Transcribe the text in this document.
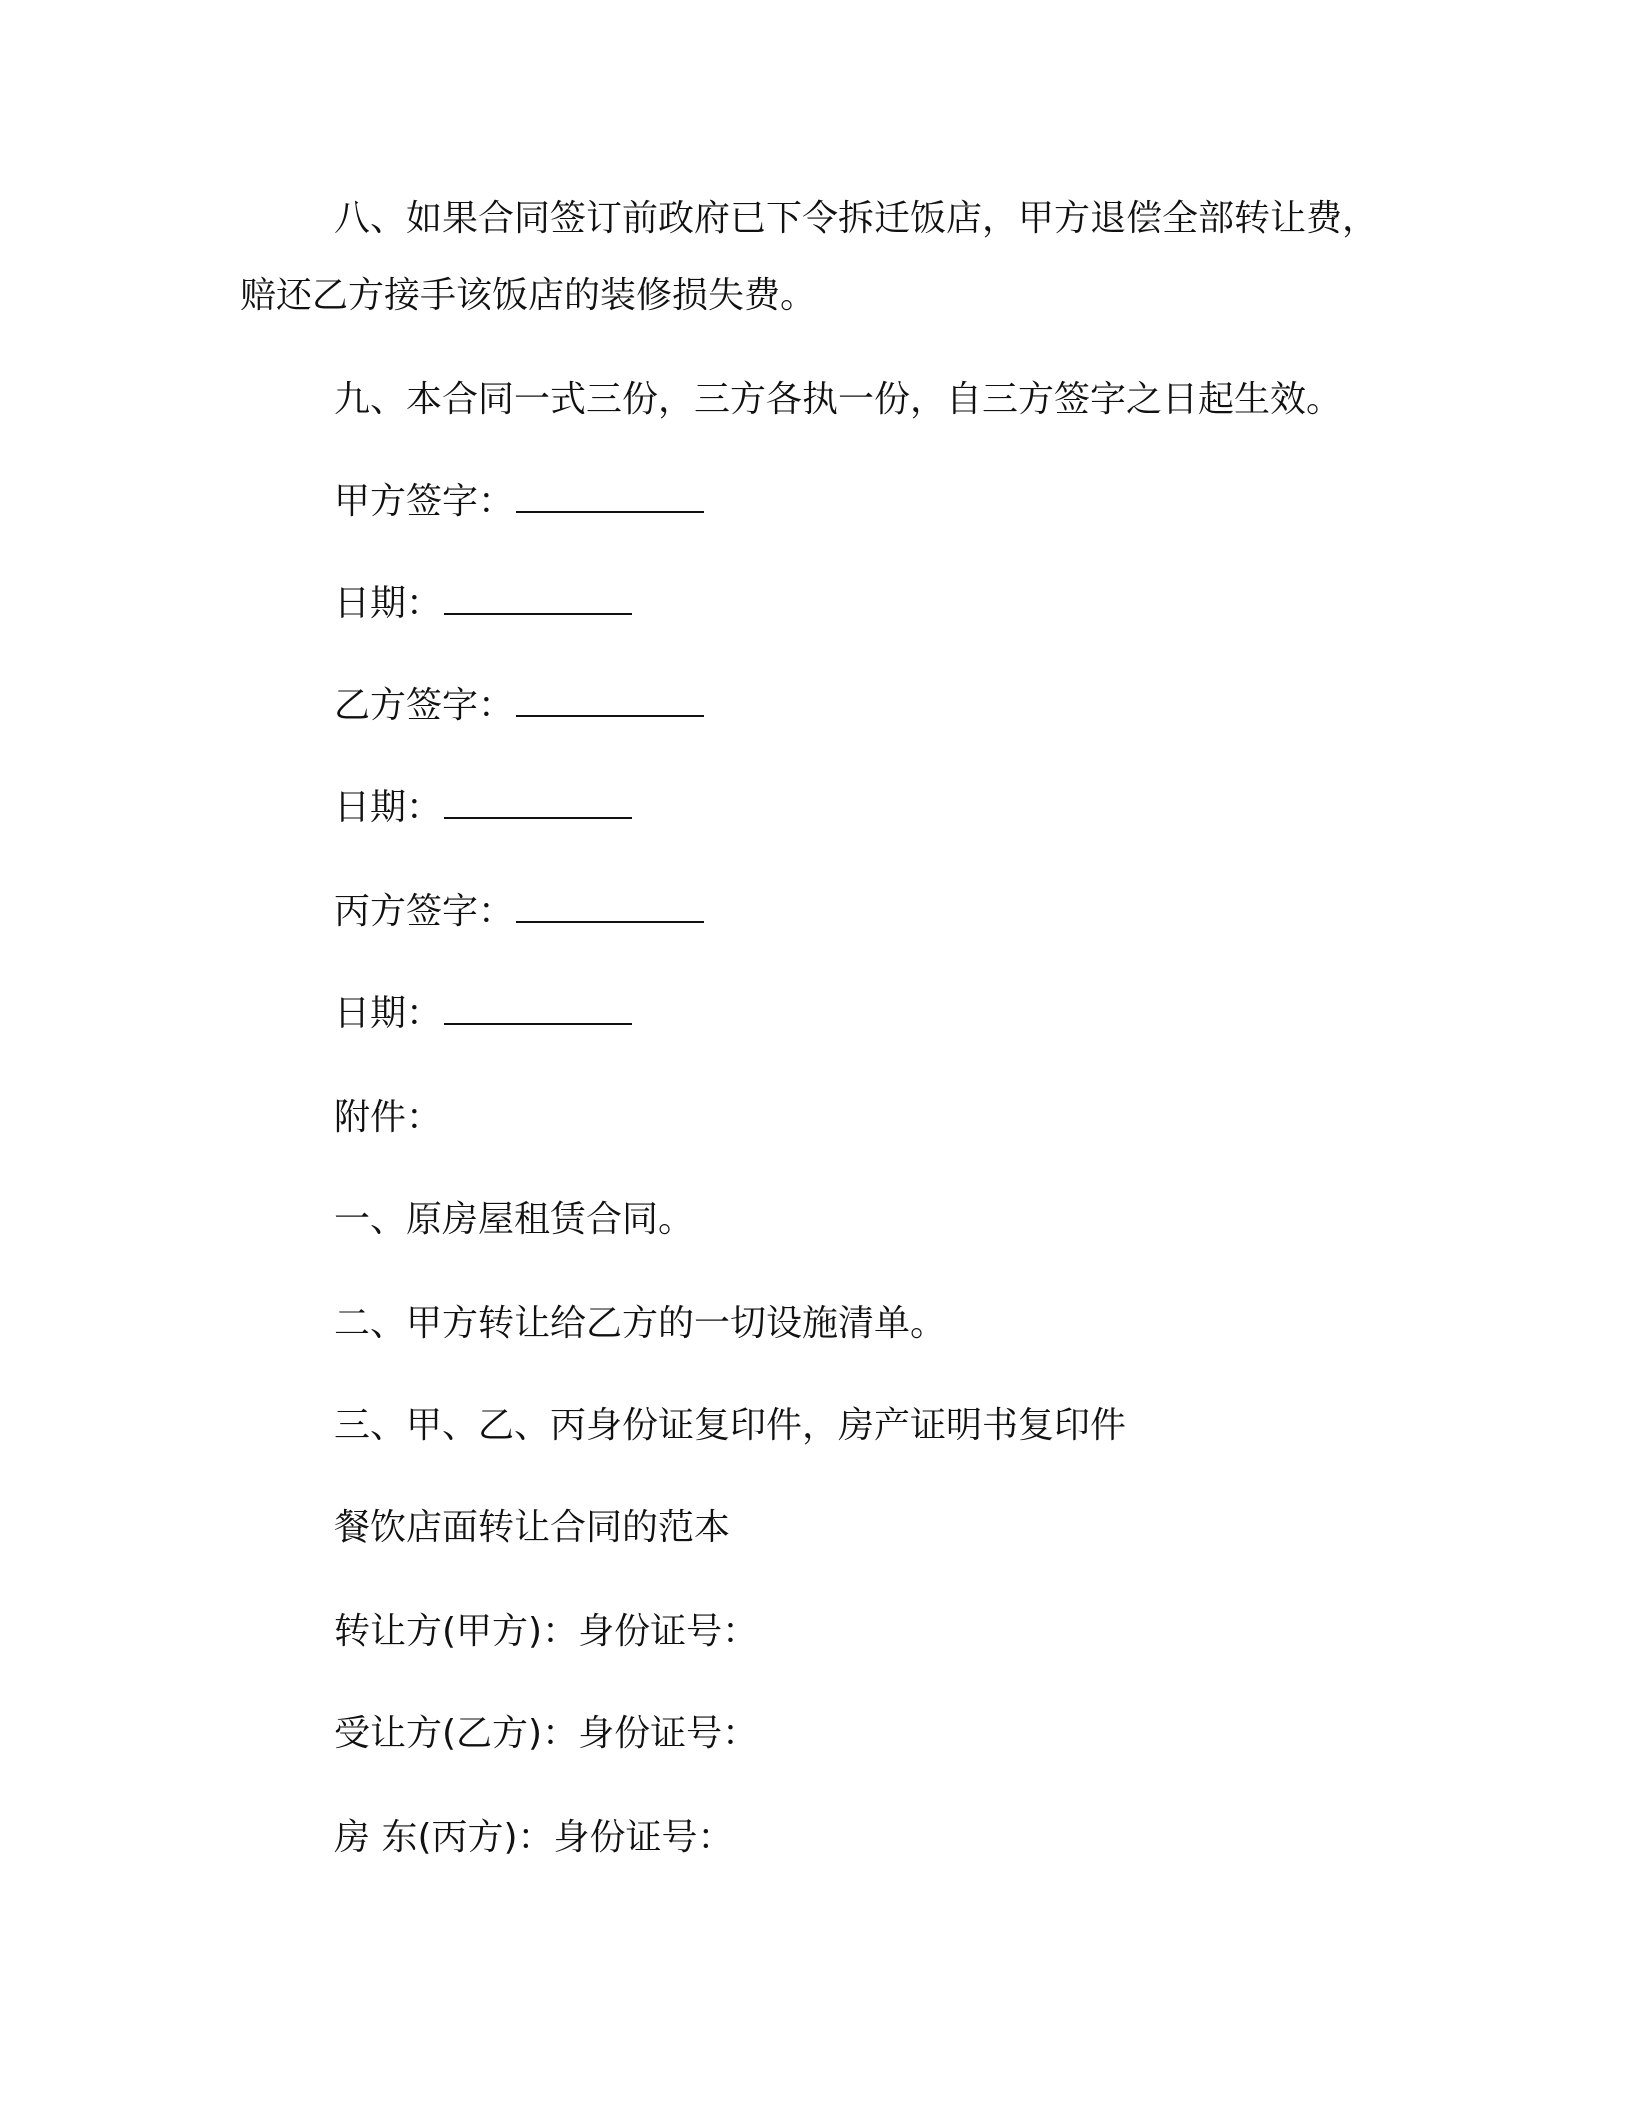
八、如果合同签订前政府已下令拆迁饭店，甲方退偿全部转让费，赔还乙方接手该饭店的装修损失费。

九、本合同一式三份，三方各执一份，自三方签字之日起生效。

甲方签字：
日期：
乙方签字：
日期：
丙方签字：
日期：

附件：

一、原房屋租赁合同。

二、甲方转让给乙方的一切设施清单。

三、甲、乙、丙身份证复印件，房产证明书复印件

餐饮店面转让合同的范本

转让方(甲方)：身份证号：

受让方(乙方)：身份证号：

房 东(丙方)：身份证号：
